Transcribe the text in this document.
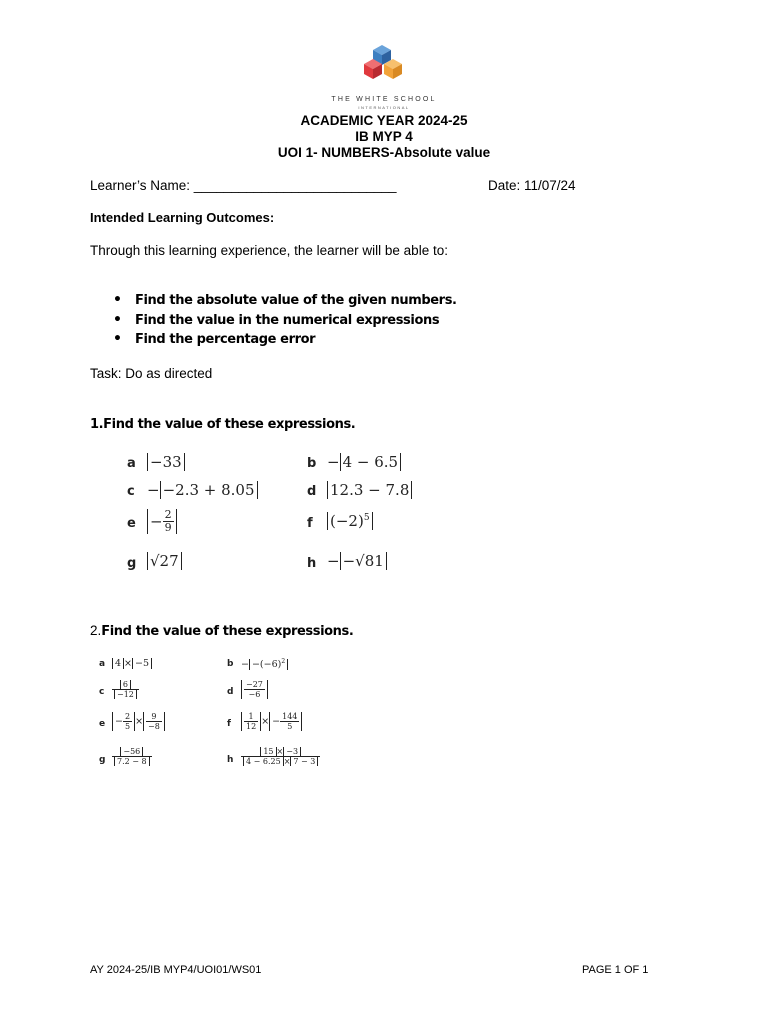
THE WHITE SCHOOL
INTERNATIONAL
ACADEMIC YEAR 2024-25
IB MYP 4
UOI 1- NUMBERS-Absolute value
Learner’s Name: ___________________________	Date: 11/07/24
Intended Learning Outcomes:
Through this learning experience, the learner will be able to:
• Find the absolute value of the given numbers.
• Find the value in the numerical expressions
• Find the percentage error
Task: Do as directed
1.Find the value of these expressions.
a −33	b − 4 − 6.5
c − −2.3 + 8.05	d 12.3 − 7.8
$e - \frac{2}{9}$	f $(-2)^5$
g √27	h − −√81
2.Find the value of these expressions.
a	4 × −5	$b - -(-6)^2$
c $\frac{6}{-12}$	d $\frac{-27}{-6}$
e	− $\frac{2}{5} \times \frac{9}{-8}$	f $\frac{1}{12}$ × − $\frac{144}{5}$
g $\frac{-56}{7.2 - 8}$	h $\frac{15 \times -3}{4 - 6.25 \times 7 - 3}$
AY 2024-25/IB MYP4/UOI01/WS01	PAGE 1 OF 1
